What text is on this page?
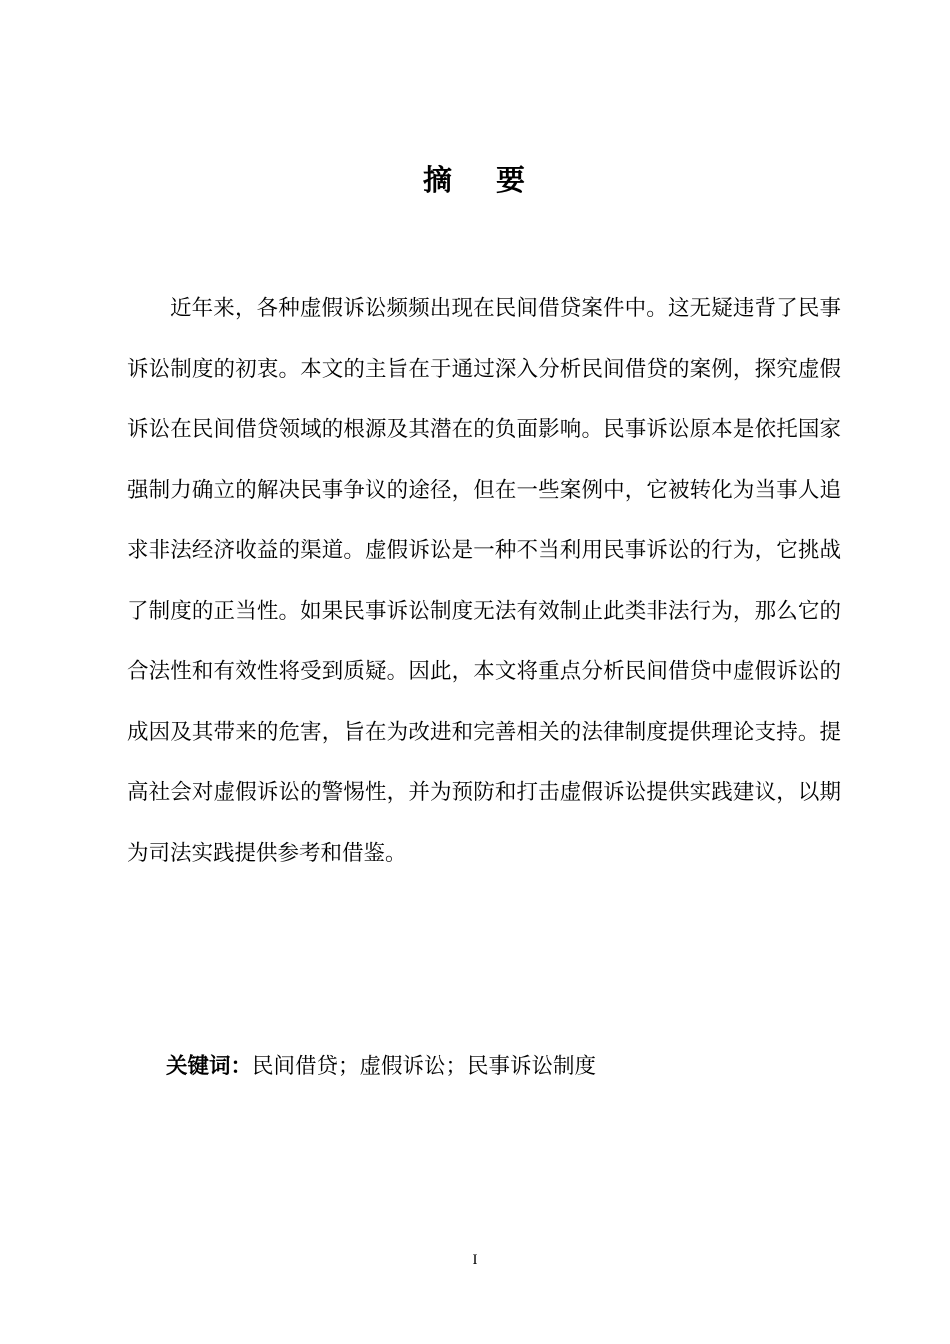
摘 要

近年来，各种虚假诉讼频频出现在民间借贷案件中。这无疑违背了民事诉讼制度的初衷。本文的主旨在于通过深入分析民间借贷的案例，探究虚假诉讼在民间借贷领域的根源及其潜在的负面影响。民事诉讼原本是依托国家强制力确立的解决民事争议的途径，但在一些案例中，它被转化为当事人追求非法经济收益的渠道。虚假诉讼是一种不当利用民事诉讼的行为，它挑战了制度的正当性。如果民事诉讼制度无法有效制止此类非法行为，那么它的合法性和有效性将受到质疑。因此，本文将重点分析民间借贷中虚假诉讼的成因及其带来的危害，旨在为改进和完善相关的法律制度提供理论支持。提高社会对虚假诉讼的警惕性，并为预防和打击虚假诉讼提供实践建议，以期为司法实践提供参考和借鉴。

关键词：民间借贷；虚假诉讼；民事诉讼制度

I
